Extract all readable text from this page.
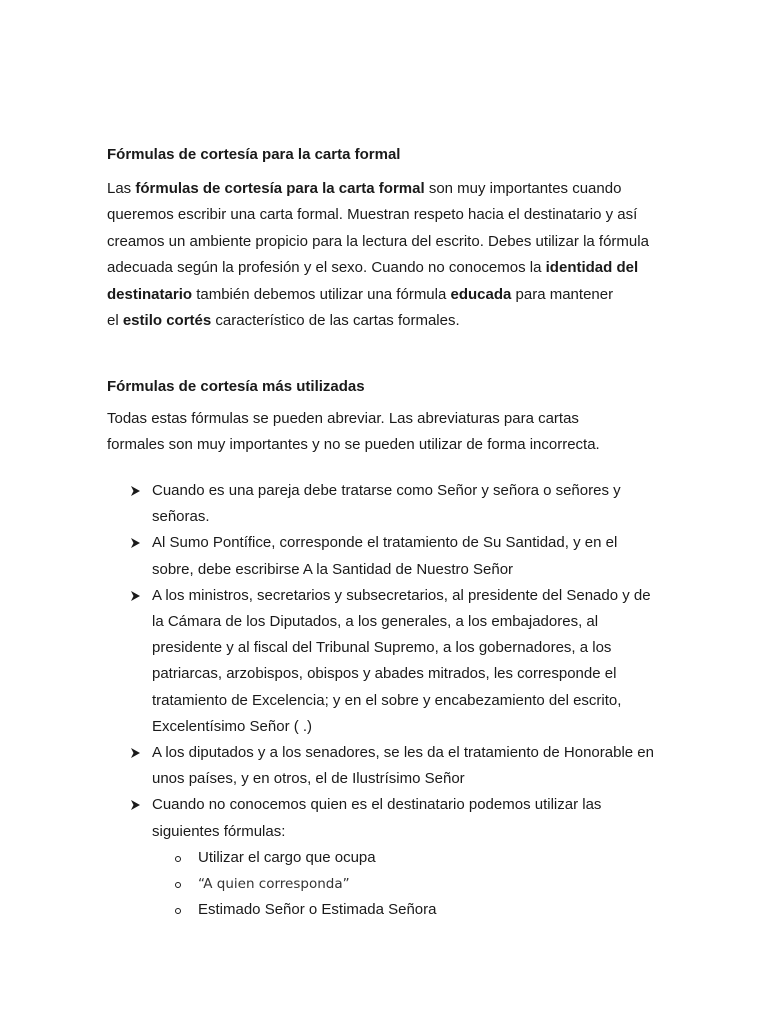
Fórmulas de cortesía para la carta formal
Las fórmulas de cortesía para la carta formal son muy importantes cuando
queremos escribir una carta formal. Muestran respeto hacia el destinatario y así
creamos un ambiente propicio para la lectura del escrito. Debes utilizar la fórmula
adecuada según la profesión y el sexo. Cuando no conocemos la identidad del
destinatario también debemos utilizar una fórmula educada para mantener
el estilo cortés característico de las cartas formales.
Fórmulas de cortesía más utilizadas
Todas estas fórmulas se pueden abreviar. Las abreviaturas para cartas
formales son muy importantes y no se pueden utilizar de forma incorrecta.
Cuando es una pareja debe tratarse como Señor y señora o señores y
señoras.
Al Sumo Pontífice, corresponde el tratamiento de Su Santidad, y en el
sobre, debe escribirse A la Santidad de Nuestro Señor
A los ministros, secretarios y subsecretarios, al presidente del Senado y de
la Cámara de los Diputados, a los generales, a los embajadores, al
presidente y al fiscal del Tribunal Supremo, a los gobernadores, a los
patriarcas, arzobispos, obispos y abades mitrados, les corresponde el
tratamiento de Excelencia; y en el sobre y encabezamiento del escrito,
Excelentísimo Señor ( .)
A los diputados y a los senadores, se les da el tratamiento de Honorable en
unos países, y en otros, el de Ilustrísimo Señor
Cuando no conocemos quien es el destinatario podemos utilizar las
siguientes fórmulas:
Utilizar el cargo que ocupa
“A quien corresponda”
Estimado Señor o Estimada Señora
